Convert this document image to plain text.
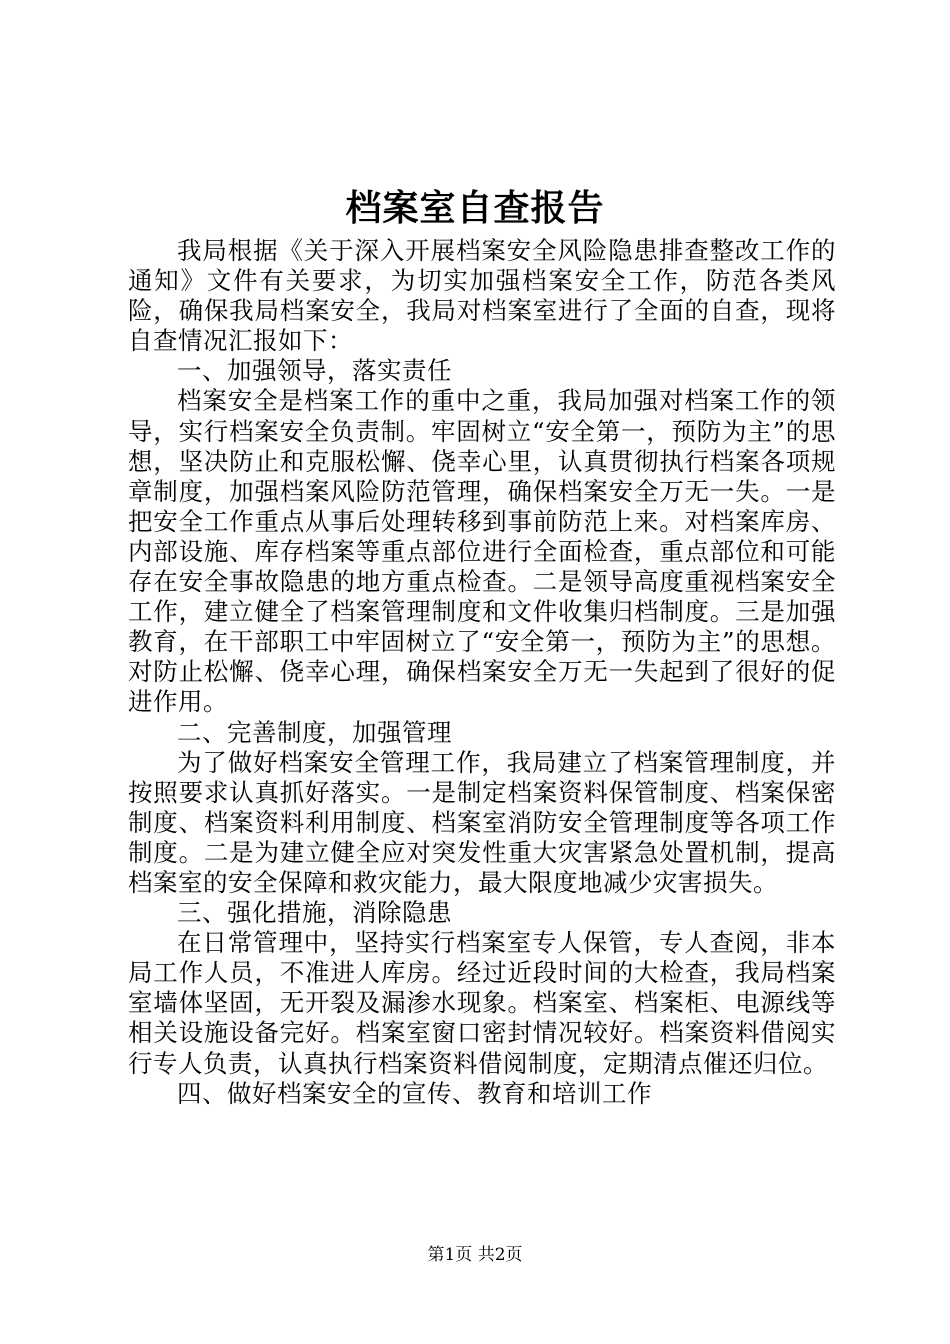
档案室自查报告

我局根据《关于深入开展档案安全风险隐患排查整改工作的通知》文件有关要求，为切实加强档案安全工作，防范各类风险，确保我局档案安全，我局对档案室进行了全面的自查，现将自查情况汇报如下：

一、加强领导，落实责任

档案安全是档案工作的重中之重，我局加强对档案工作的领导，实行档案安全负责制。牢固树立“安全第一，预防为主”的思想，坚决防止和克服松懈、侥幸心里，认真贯彻执行档案各项规章制度，加强档案风险防范管理，确保档案安全万无一失。一是把安全工作重点从事后处理转移到事前防范上来。对档案库房、内部设施、库存档案等重点部位进行全面检查，重点部位和可能存在安全事故隐患的地方重点检查。二是领导高度重视档案安全工作，建立健全了档案管理制度和文件收集归档制度。三是加强教育，在干部职工中牢固树立了“安全第一，预防为主”的思想。对防止松懈、侥幸心理，确保档案安全万无一失起到了很好的促进作用。

二、完善制度，加强管理

为了做好档案安全管理工作，我局建立了档案管理制度，并按照要求认真抓好落实。一是制定档案资料保管制度、档案保密制度、档案资料利用制度、档案室消防安全管理制度等各项工作制度。二是为建立健全应对突发性重大灾害紧急处置机制，提高档案室的安全保障和救灾能力，最大限度地减少灾害损失。

三、强化措施，消除隐患

在日常管理中，坚持实行档案室专人保管，专人查阅，非本局工作人员，不准进人库房。经过近段时间的大检查，我局档案室墙体坚固，无开裂及漏渗水现象。档案室、档案柜、电源线等相关设施设备完好。档案室窗口密封情况较好。档案资料借阅实行专人负责，认真执行档案资料借阅制度，定期清点催还归位。

四、做好档案安全的宣传、教育和培训工作

第1页 共2页
